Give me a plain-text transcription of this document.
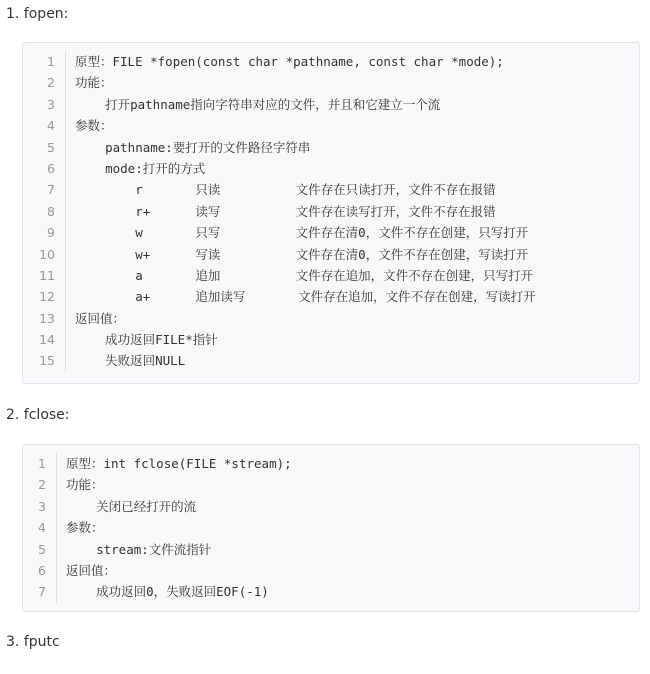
1. fopen:
1	原型：FILE *fopen(const char *pathname, const char *mode);
2	功能：
3	打开pathname指向字符串对应的文件，并且和它建立一个流
4	参数：
5	pathname:要打开的文件路径字符串
6	mode:打开的方式
7	r       只读          文件存在只读打开，文件不存在报错
8	r+      读写          文件存在读写打开，文件不存在报错
9	w       只写          文件存在清0，文件不存在创建，只写打开
10	w+      写读          文件存在清0，文件不存在创建，写读打开
11	a       追加          文件存在追加，文件不存在创建，只写打开
12	a+      追加读写       文件存在追加，文件不存在创建，写读打开
13	返回值：
14	成功返回FILE*指针
15	失败返回NULL
2. fclose:
1	原型：int fclose(FILE *stream);
2	功能：
3	关闭已经打开的流
4	参数：
5	stream:文件流指针
6	返回值：
7	成功返回0，失败返回EOF(-1)
3. fputc
